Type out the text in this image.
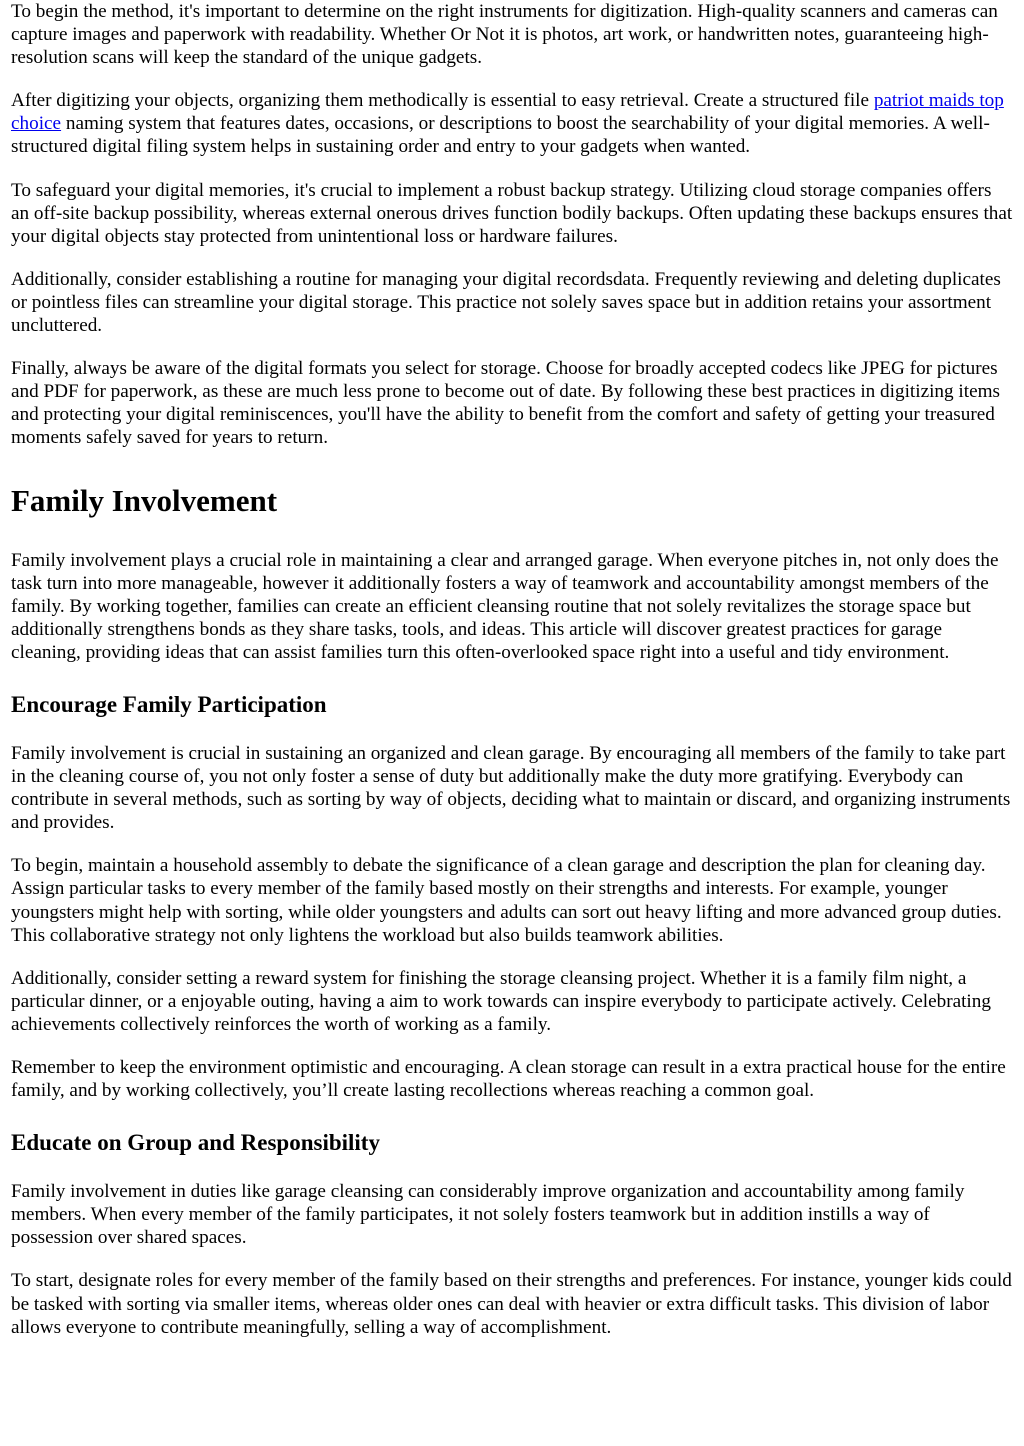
To begin the method, it's important to determine on the right instruments for digitization. High-quality scanners and cameras can capture images and paperwork with readability. Whether Or Not it is photos, art work, or handwritten notes, guaranteeing high-resolution scans will keep the standard of the unique gadgets.

After digitizing your objects, organizing them methodically is essential to easy retrieval. Create a structured file patriot maids top choice naming system that features dates, occasions, or descriptions to boost the searchability of your digital memories. A well-structured digital filing system helps in sustaining order and entry to your gadgets when wanted.

To safeguard your digital memories, it's crucial to implement a robust backup strategy. Utilizing cloud storage companies offers an off-site backup possibility, whereas external onerous drives function bodily backups. Often updating these backups ensures that your digital objects stay protected from unintentional loss or hardware failures.

Additionally, consider establishing a routine for managing your digital recordsdata. Frequently reviewing and deleting duplicates or pointless files can streamline your digital storage. This practice not solely saves space but in addition retains your assortment uncluttered.

Finally, always be aware of the digital formats you select for storage. Choose for broadly accepted codecs like JPEG for pictures and PDF for paperwork, as these are much less prone to become out of date. By following these best practices in digitizing items and protecting your digital reminiscences, you'll have the ability to benefit from the comfort and safety of getting your treasured moments safely saved for years to return.

Family Involvement

Family involvement plays a crucial role in maintaining a clear and arranged garage. When everyone pitches in, not only does the task turn into more manageable, however it additionally fosters a way of teamwork and accountability amongst members of the family. By working together, families can create an efficient cleansing routine that not solely revitalizes the storage space but additionally strengthens bonds as they share tasks, tools, and ideas. This article will discover greatest practices for garage cleaning, providing ideas that can assist families turn this often-overlooked space right into a useful and tidy environment.

Encourage Family Participation

Family involvement is crucial in sustaining an organized and clean garage. By encouraging all members of the family to take part in the cleaning course of, you not only foster a sense of duty but additionally make the duty more gratifying. Everybody can contribute in several methods, such as sorting by way of objects, deciding what to maintain or discard, and organizing instruments and provides.

To begin, maintain a household assembly to debate the significance of a clean garage and description the plan for cleaning day. Assign particular tasks to every member of the family based mostly on their strengths and interests. For example, younger youngsters might help with sorting, while older youngsters and adults can sort out heavy lifting and more advanced group duties. This collaborative strategy not only lightens the workload but also builds teamwork abilities.

Additionally, consider setting a reward system for finishing the storage cleansing project. Whether it is a family film night, a particular dinner, or a enjoyable outing, having a aim to work towards can inspire everybody to participate actively. Celebrating achievements collectively reinforces the worth of working as a family.

Remember to keep the environment optimistic and encouraging. A clean storage can result in a extra practical house for the entire family, and by working collectively, you’ll create lasting recollections whereas reaching a common goal.

Educate on Group and Responsibility

Family involvement in duties like garage cleansing can considerably improve organization and accountability among family members. When every member of the family participates, it not solely fosters teamwork but in addition instills a way of possession over shared spaces.

To start, designate roles for every member of the family based on their strengths and preferences. For instance, younger kids could be tasked with sorting via smaller items, whereas older ones can deal with heavier or extra difficult tasks. This division of labor allows everyone to contribute meaningfully, selling a way of accomplishment.
